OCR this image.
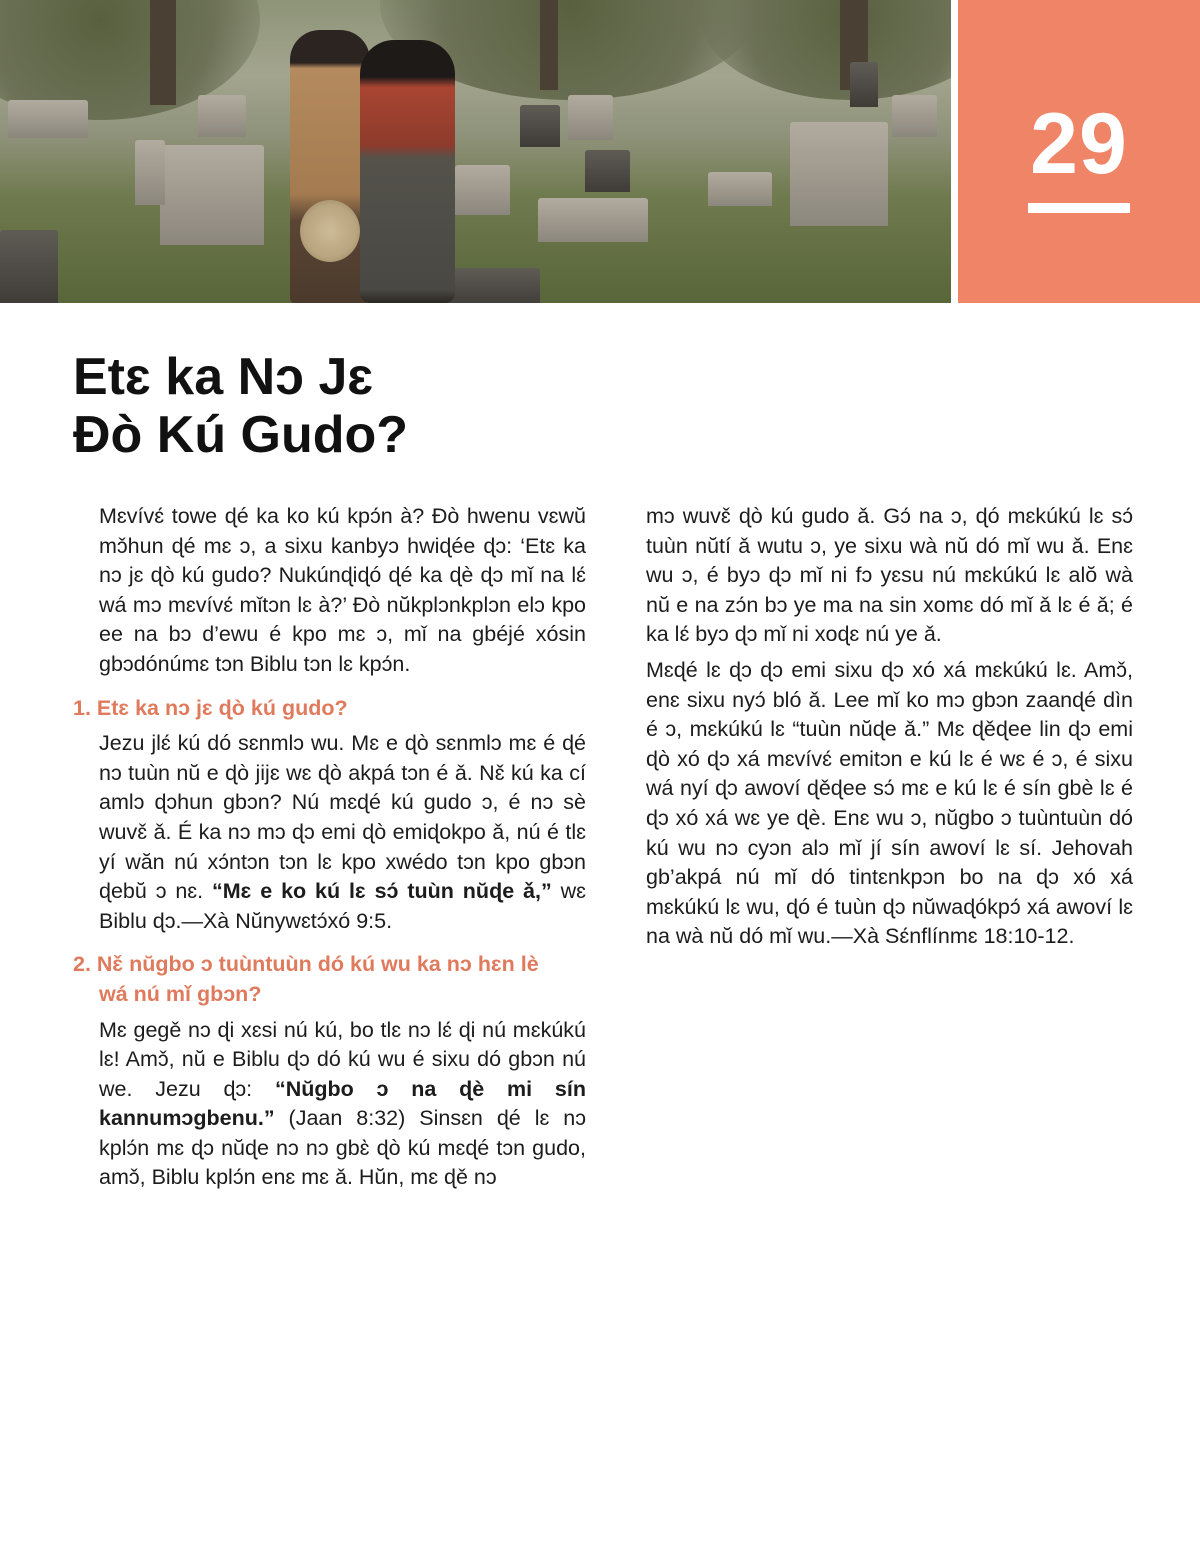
29
Etɛ ka Nɔ Jɛ
Ðò Kú Gudo?

Mɛvívɛ́ towe ɖé ka ko kú kpɔ́n à? Ðò hwenu vɛwŭ mɔ̌hun ɖé mɛ ɔ, a sixu kanbyɔ hwiɖée ɖɔ: ‘Etɛ ka nɔ jɛ ɖò kú gudo? Nukúnɖiɖó ɖé ka ɖè ɖɔ mǐ na lɛ́ wá mɔ mɛvívɛ́ mǐtɔn lɛ à?’ Ðò nŭkplɔnkplɔn elɔ kpo ee na bɔ d’ewu é kpo mɛ ɔ, mǐ na gbéjé xósin gbɔdónúmɛ tɔn Biblu tɔn lɛ kpɔ́n.

1. Etɛ ka nɔ jɛ ɖò kú gudo?

Jezu jlɛ́ kú dó sɛnmlɔ wu. Mɛ e ɖò sɛnmlɔ mɛ é ɖé nɔ tuùn nŭ e ɖò jijɛ wɛ ɖò akpá tɔn é ǎ. Nɛ̌ kú ka cí amlɔ ɖɔhun gbɔn? Nú mɛɖé kú gudo ɔ, é nɔ sè wuvɛ̌ ǎ. É ka nɔ mɔ ɖɔ emi ɖò emiɖokpo ǎ, nú é tlɛ yí wăn nú xɔ́ntɔn tɔn lɛ kpo xwédo tɔn kpo gbɔn ɖebŭ ɔ nɛ. “Mɛ e ko kú lɛ sɔ́ tuùn nŭɖe ǎ,” wɛ Biblu ɖɔ.—Xà Nŭnywɛtɔ́xó 9:5.

2. Nɛ̌ nŭgbo ɔ tuùntuùn dó kú wu ka nɔ hɛn lè wá nú mǐ gbɔn?

Mɛ gegě nɔ ɖi xɛsi nú kú, bo tlɛ nɔ lɛ́ ɖi nú mɛkúkú lɛ! Amɔ̌, nŭ e Biblu ɖɔ dó kú wu é sixu dó gbɔn nú we. Jezu ɖɔ: “Nŭgbo ɔ na ɖè mi sín kannumɔgbenu.” (Jaan 8:32) Sinsɛn ɖé lɛ nɔ kplɔ́n mɛ ɖɔ nŭɖe nɔ nɔ gbɛ̀ ɖò kú mɛɖé tɔn gudo, amɔ̌, Biblu kplɔ́n enɛ mɛ ǎ. Hŭn, mɛ ɖě nɔ

mɔ wuvɛ̌ ɖò kú gudo ǎ. Gɔ́ na ɔ, ɖó mɛkúkú lɛ sɔ́ tuùn nŭtí ǎ wutu ɔ, ye sixu wà nŭ dó mǐ wu ǎ. Enɛ wu ɔ, é byɔ ɖɔ mǐ ni fɔ yɛsu nú mɛkúkú lɛ alŏ wà nŭ e na zɔ́n bɔ ye ma na sin xomɛ dó mǐ ǎ lɛ é ǎ; é ka lɛ́ byɔ ɖɔ mǐ ni xoɖɛ nú ye ǎ.

Mɛɖé lɛ ɖɔ ɖɔ emi sixu ɖɔ xó xá mɛkúkú lɛ. Amɔ̌, enɛ sixu nyɔ́ bló ǎ. Lee mǐ ko mɔ gbɔn zaanɖé dìn é ɔ, mɛkúkú lɛ “tuùn nŭɖe ǎ.” Mɛ ɖěɖee lin ɖɔ emi ɖò xó ɖɔ xá mɛvívɛ́ emitɔn e kú lɛ é wɛ é ɔ, é sixu wá nyí ɖɔ awoví ɖěɖee sɔ́ mɛ e kú lɛ é sín gbè lɛ é ɖɔ xó xá wɛ ye ɖè. Enɛ wu ɔ, nŭgbo ɔ tuùntuùn dó kú wu nɔ cyɔn alɔ mǐ jí sín awoví lɛ sí. Jehovah gb’akpá nú mǐ dó tintɛnkpɔn bo na ɖɔ xó xá mɛkúkú lɛ wu, ɖó é tuùn ɖɔ nŭwaɖókpɔ́ xá awoví lɛ na wà nŭ dó mǐ wu.—Xà Sɛ́nflínmɛ 18:10-12.
